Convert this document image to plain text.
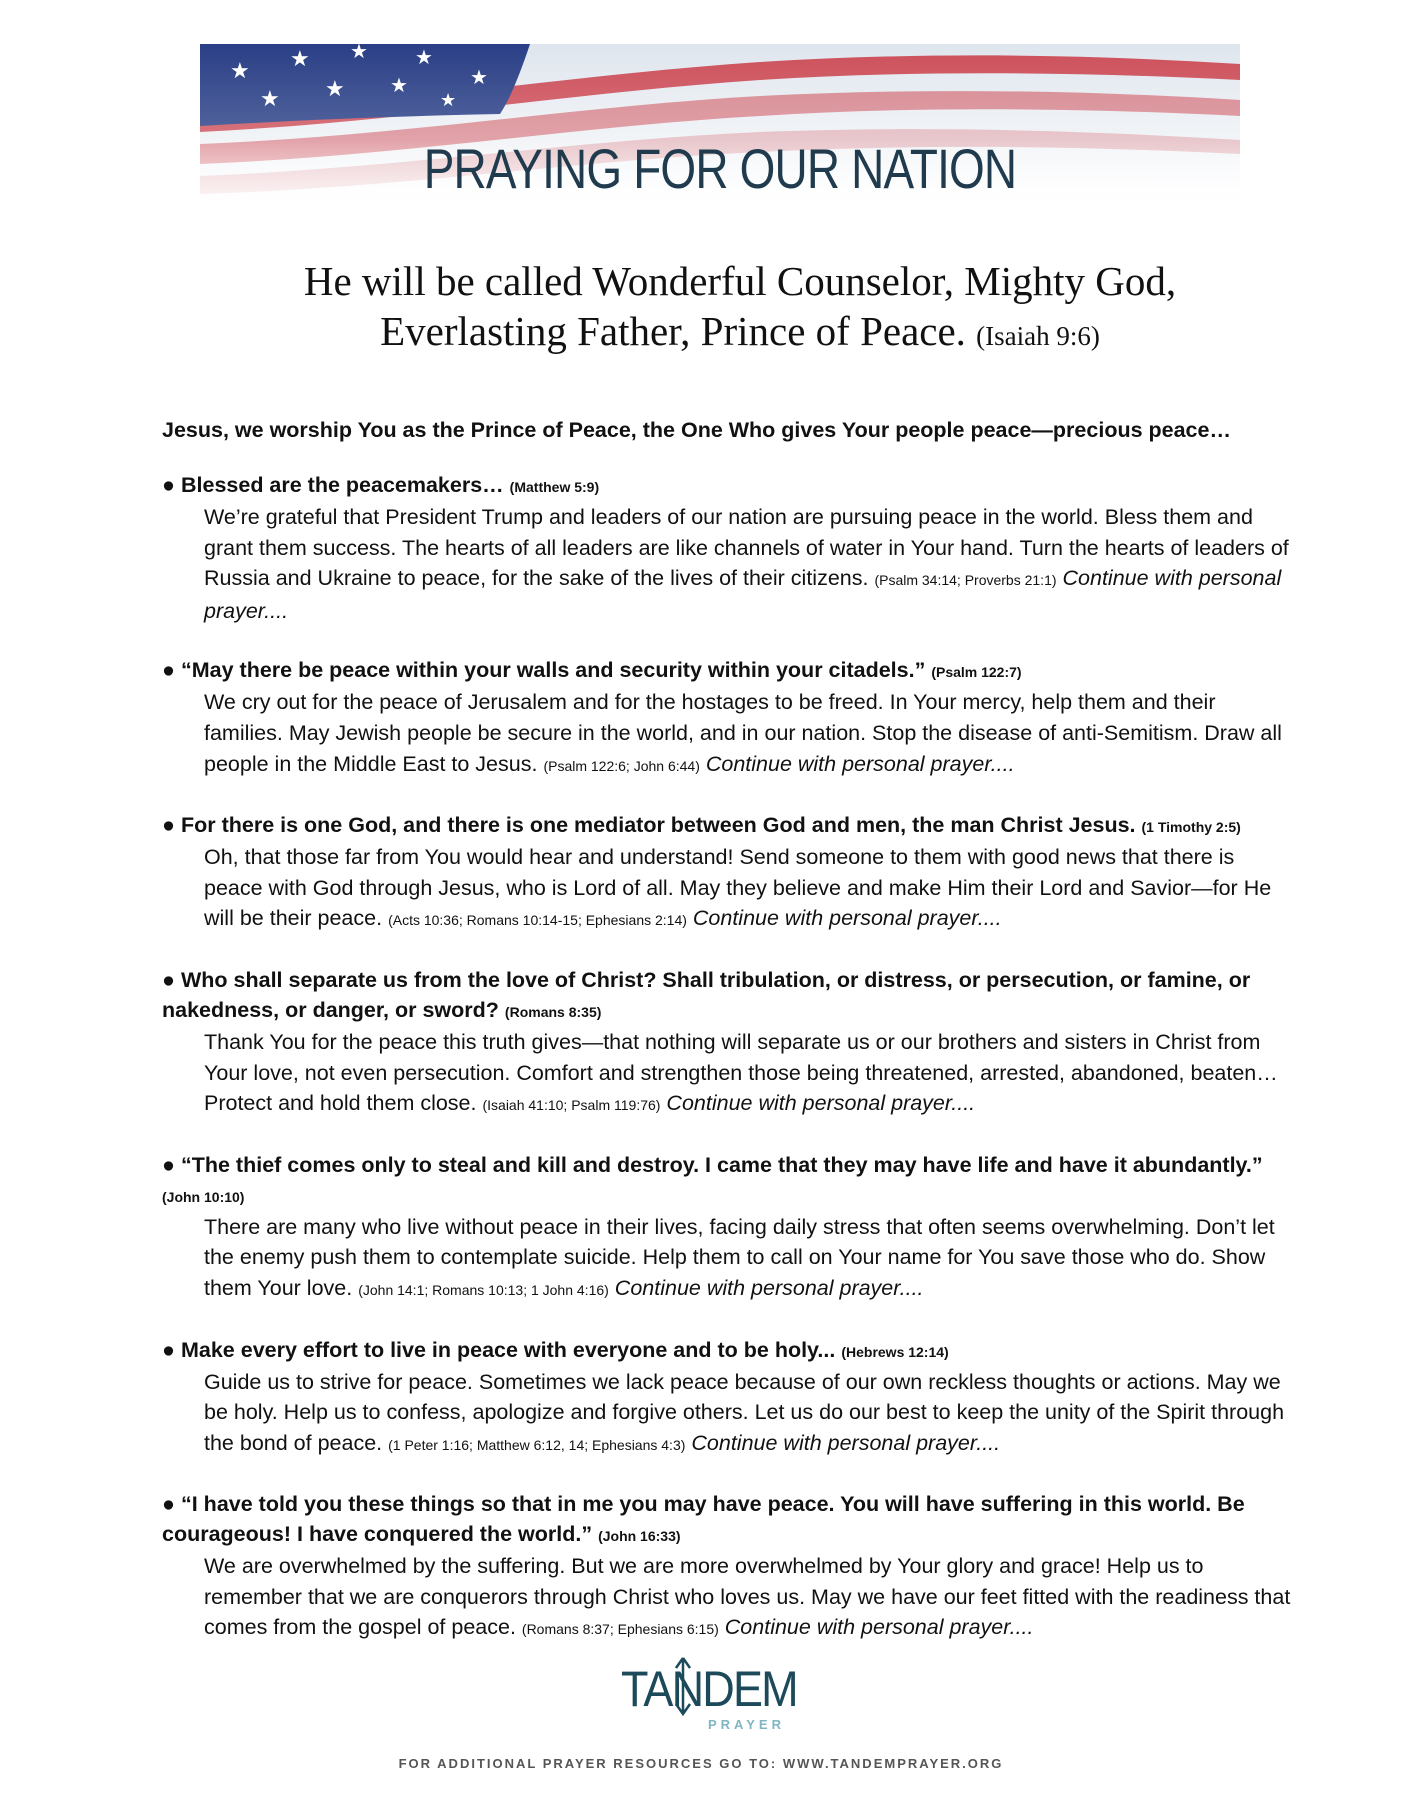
PRAYING FOR OUR NATION
He will be called Wonderful Counselor, Mighty God,
Everlasting Father, Prince of Peace. (Isaiah 9:6)
Jesus, we worship You as the Prince of Peace, the One Who gives Your people peace—precious peace…
● Blessed are the peacemakers… (Matthew 5:9)
We’re grateful that President Trump and leaders of our nation are pursuing peace in the world. Bless them and grant them success. The hearts of all leaders are like channels of water in Your hand. Turn the hearts of leaders of Russia and Ukraine to peace, for the sake of the lives of their citizens. (Psalm 34:14; Proverbs 21:1) Continue with personal prayer....
● “May there be peace within your walls and security within your citadels.” (Psalm 122:7)
We cry out for the peace of Jerusalem and for the hostages to be freed. In Your mercy, help them and their families. May Jewish people be secure in the world, and in our nation. Stop the disease of anti-Semitism. Draw all people in the Middle East to Jesus. (Psalm 122:6; John 6:44) Continue with personal prayer....
● For there is one God, and there is one mediator between God and men, the man Christ Jesus. (1 Timothy 2:5)
Oh, that those far from You would hear and understand! Send someone to them with good news that there is peace with God through Jesus, who is Lord of all. May they believe and make Him their Lord and Savior—for He will be their peace. (Acts 10:36; Romans 10:14-15; Ephesians 2:14) Continue with personal prayer....
● Who shall separate us from the love of Christ? Shall tribulation, or distress, or persecution, or famine, or nakedness, or danger, or sword? (Romans 8:35)
Thank You for the peace this truth gives—that nothing will separate us or our brothers and sisters in Christ from Your love, not even persecution. Comfort and strengthen those being threatened, arrested, abandoned, beaten… Protect and hold them close. (Isaiah 41:10; Psalm 119:76) Continue with personal prayer....
● “The thief comes only to steal and kill and destroy. I came that they may have life and have it abundantly.” (John 10:10)
There are many who live without peace in their lives, facing daily stress that often seems overwhelming. Don’t let the enemy push them to contemplate suicide. Help them to call on Your name for You save those who do. Show them Your love. (John 14:1; Romans 10:13; 1 John 4:16) Continue with personal prayer....
● Make every effort to live in peace with everyone and to be holy... (Hebrews 12:14)
Guide us to strive for peace. Sometimes we lack peace because of our own reckless thoughts or actions. May we be holy. Help us to confess, apologize and forgive others. Let us do our best to keep the unity of the Spirit through the bond of peace. (1 Peter 1:16; Matthew 6:12, 14; Ephesians 4:3) Continue with personal prayer....
● “I have told you these things so that in me you may have peace. You will have suffering in this world. Be courageous! I have conquered the world.” (John 16:33)
We are overwhelmed by the suffering. But we are more overwhelmed by Your glory and grace! Help us to remember that we are conquerors through Christ who loves us. May we have our feet fitted with the readiness that comes from the gospel of peace. (Romans 8:37; Ephesians 6:15) Continue with personal prayer....
TANDEM
PRAYER
FOR ADDITIONAL PRAYER RESOURCES GO TO: WWW.TANDEMPRAYER.ORG
